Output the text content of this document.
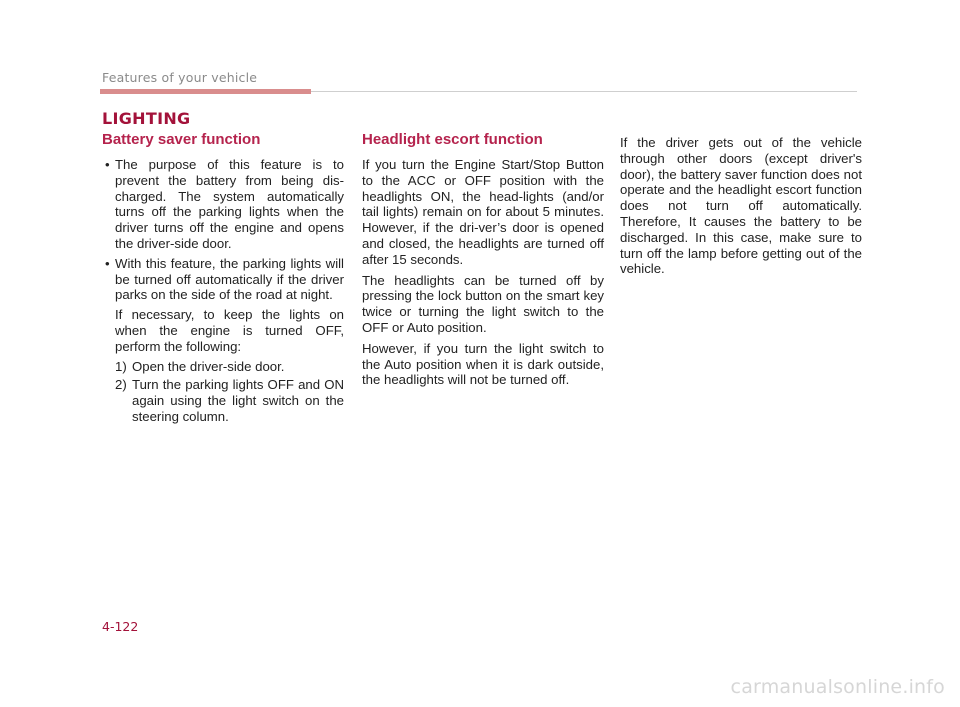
Features of your vehicle
LIGHTING
Battery saver function
• The purpose of this feature is to prevent the battery from being dis-charged. The system automatically turns off the parking lights when the driver turns off the engine and opens the driver-side door.
• With this feature, the parking lights will be turned off automatically if the driver parks on the side of the road at night.
If necessary, to keep the lights on when the engine is turned OFF, perform the following:
1) Open the driver-side door.
2) Turn the parking lights OFF and ON again using the light switch on the steering column.
Headlight escort function

If you turn the Engine Start/Stop Button to the ACC or OFF position with the headlights ON, the head-lights (and/or tail lights) remain on for about 5 minutes. However, if the dri-ver’s door is opened and closed, the headlights are turned off after 15 seconds.

The headlights can be turned off by pressing the lock button on the smart key twice or turning the light switch to the OFF or Auto position.

However, if you turn the light switch to the Auto position when it is dark outside, the headlights will not be turned off.

If the driver gets out of the vehicle through other doors (except driver's door), the battery saver function does not operate and the headlight escort function does not turn off automatically. Therefore, It causes the battery to be discharged. In this case, make sure to turn off the lamp before getting out of the vehicle.

4-122
carmanualsonline.info
